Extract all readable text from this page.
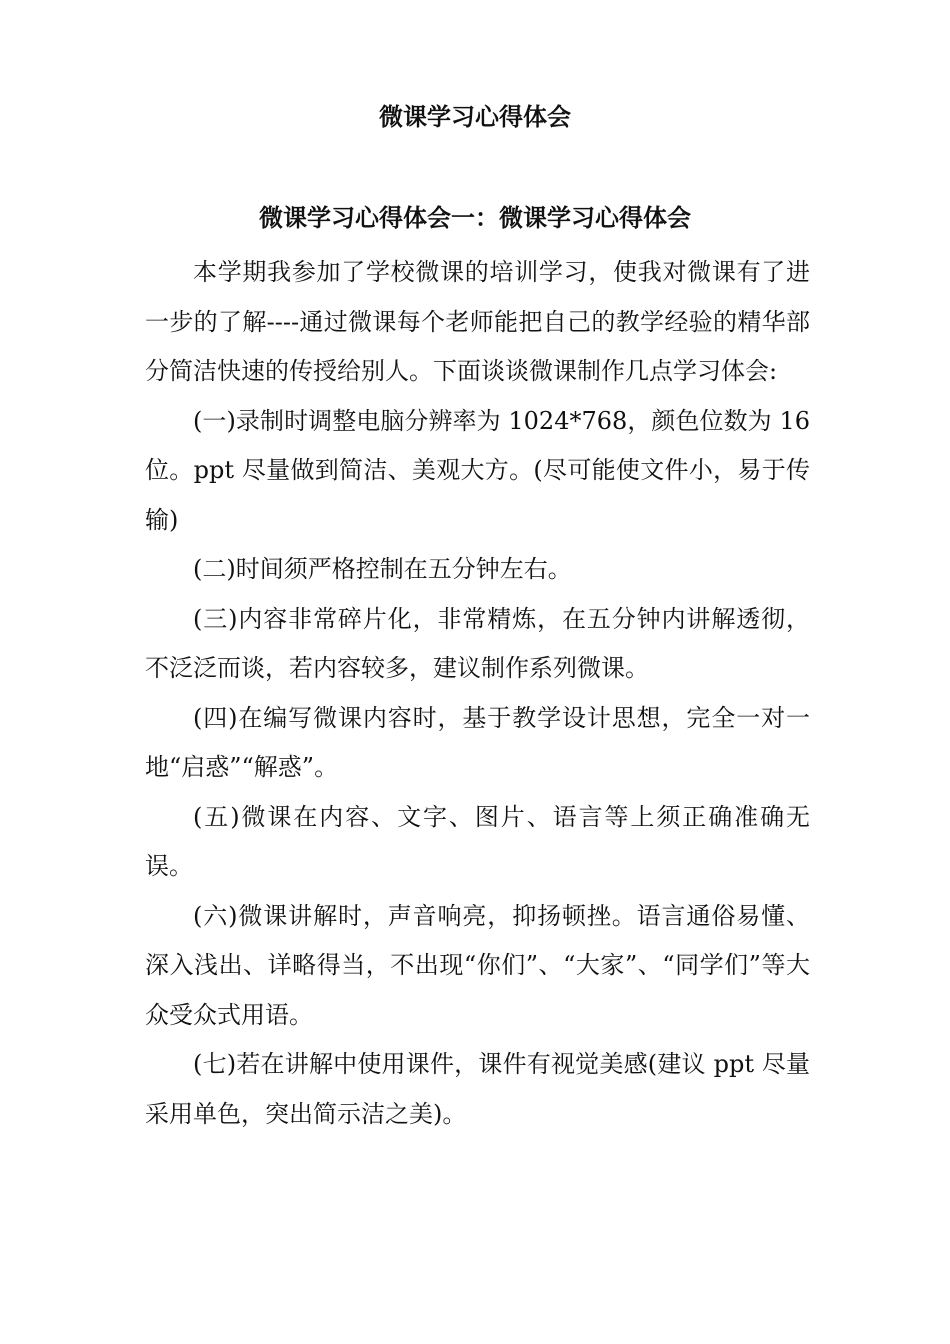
微课学习心得体会
微课学习心得体会一：微课学习心得体会

本学期我参加了学校微课的培训学习，使我对微课有了进一步的了解----通过微课每个老师能把自己的教学经验的精华部分简洁快速的传授给别人。下面谈谈微课制作几点学习体会:

(一)录制时调整电脑分辨率为 1024*768，颜色位数为 16 位。ppt 尽量做到简洁、美观大方。(尽可能使文件小，易于传输)

(二)时间须严格控制在五分钟左右。

(三)内容非常碎片化，非常精炼，在五分钟内讲解透彻，不泛泛而谈，若内容较多，建议制作系列微课。

(四)在编写微课内容时，基于教学设计思想，完全一对一地“启惑”“解惑”。

(五)微课在内容、文字、图片、语言等上须正确准确无误。

(六)微课讲解时，声音响亮，抑扬顿挫。语言通俗易懂、深入浅出、详略得当，不出现“你们”、“大家”、“同学们”等大众受众式用语。

(七)若在讲解中使用课件，课件有视觉美感(建议 ppt 尽量采用单色，突出简示洁之美)。
